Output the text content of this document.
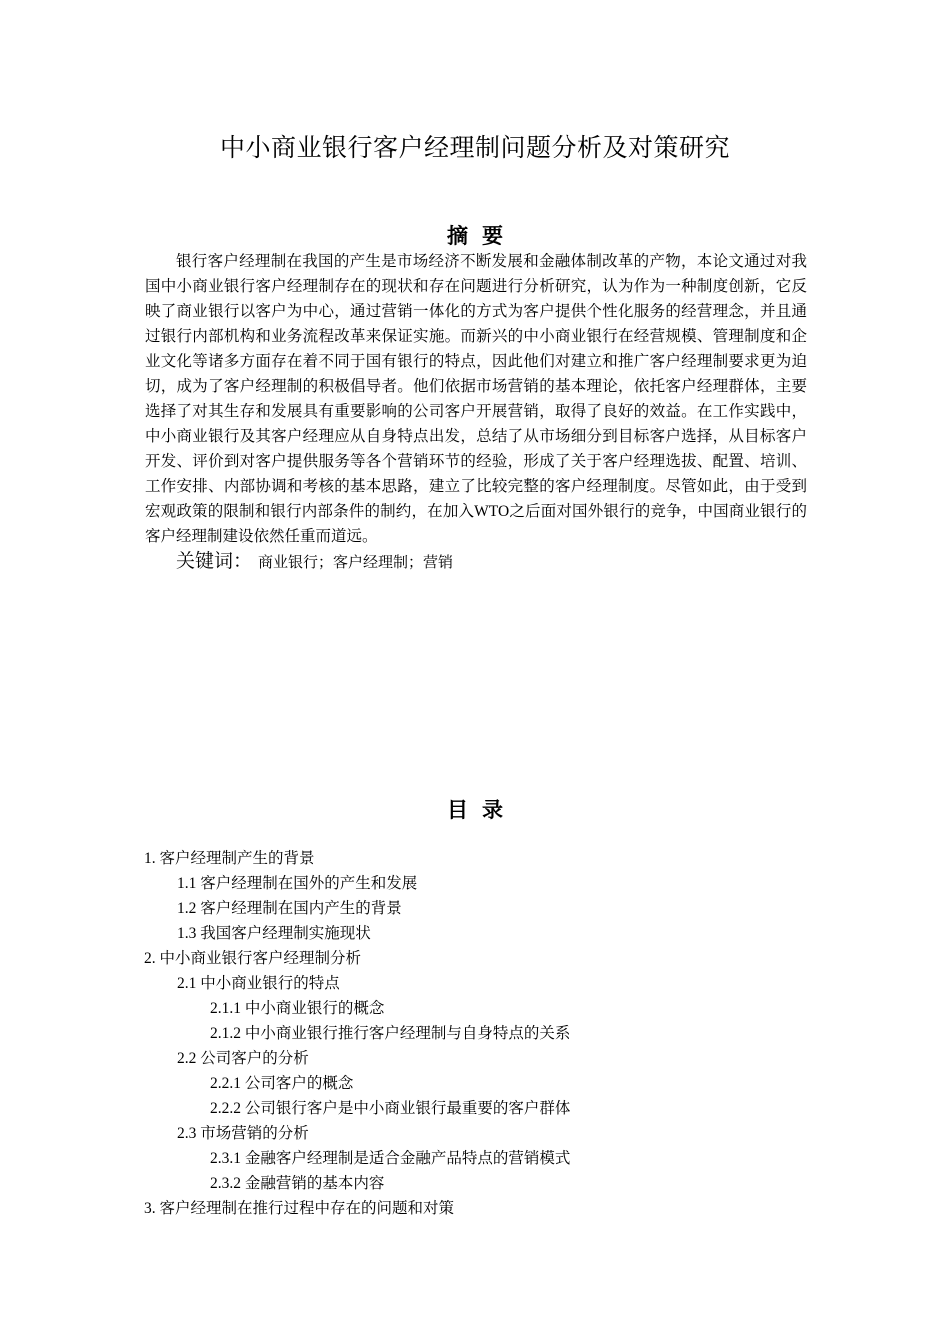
中小商业银行客户经理制问题分析及对策研究
摘要

银行客户经理制在我国的产生是市场经济不断发展和金融体制改革的产物，本论文通过对我国中小商业银行客户经理制存在的现状和存在问题进行分析研究，认为作为一种制度创新，它反映了商业银行以客户为中心，通过营销一体化的方式为客户提供个性化服务的经营理念，并且通过银行内部机构和业务流程改革来保证实施。而新兴的中小商业银行在经营规模、管理制度和企业文化等诸多方面存在着不同于国有银行的特点，因此他们对建立和推广客户经理制要求更为迫切，成为了客户经理制的积极倡导者。他们依据市场营销的基本理论，依托客户经理群体，主要选择了对其生存和发展具有重要影响的公司客户开展营销，取得了良好的效益。在工作实践中，中小商业银行及其客户经理应从自身特点出发，总结了从市场细分到目标客户选择，从目标客户开发、评价到对客户提供服务等各个营销环节的经验，形成了关于客户经理选拔、配置、培训、工作安排、内部协调和考核的基本思路，建立了比较完整的客户经理制度。尽管如此，由于受到宏观政策的限制和银行内部条件的制约，在加入WTO之后面对国外银行的竞争，中国商业银行的客户经理制建设依然任重而道远。

关键词： 商业银行；客户经理制；营销
目录
1. 客户经理制产生的背景
1.1 客户经理制在国外的产生和发展
1.2 客户经理制在国内产生的背景
1.3 我国客户经理制实施现状
2. 中小商业银行客户经理制分析
2.1 中小商业银行的特点
2.1.1 中小商业银行的概念
2.1.2 中小商业银行推行客户经理制与自身特点的关系
2.2 公司客户的分析
2.2.1 公司客户的概念
2.2.2 公司银行客户是中小商业银行最重要的客户群体
2.3 市场营销的分析
2.3.1 金融客户经理制是适合金融产品特点的营销模式
2.3.2 金融营销的基本内容
3. 客户经理制在推行过程中存在的问题和对策
